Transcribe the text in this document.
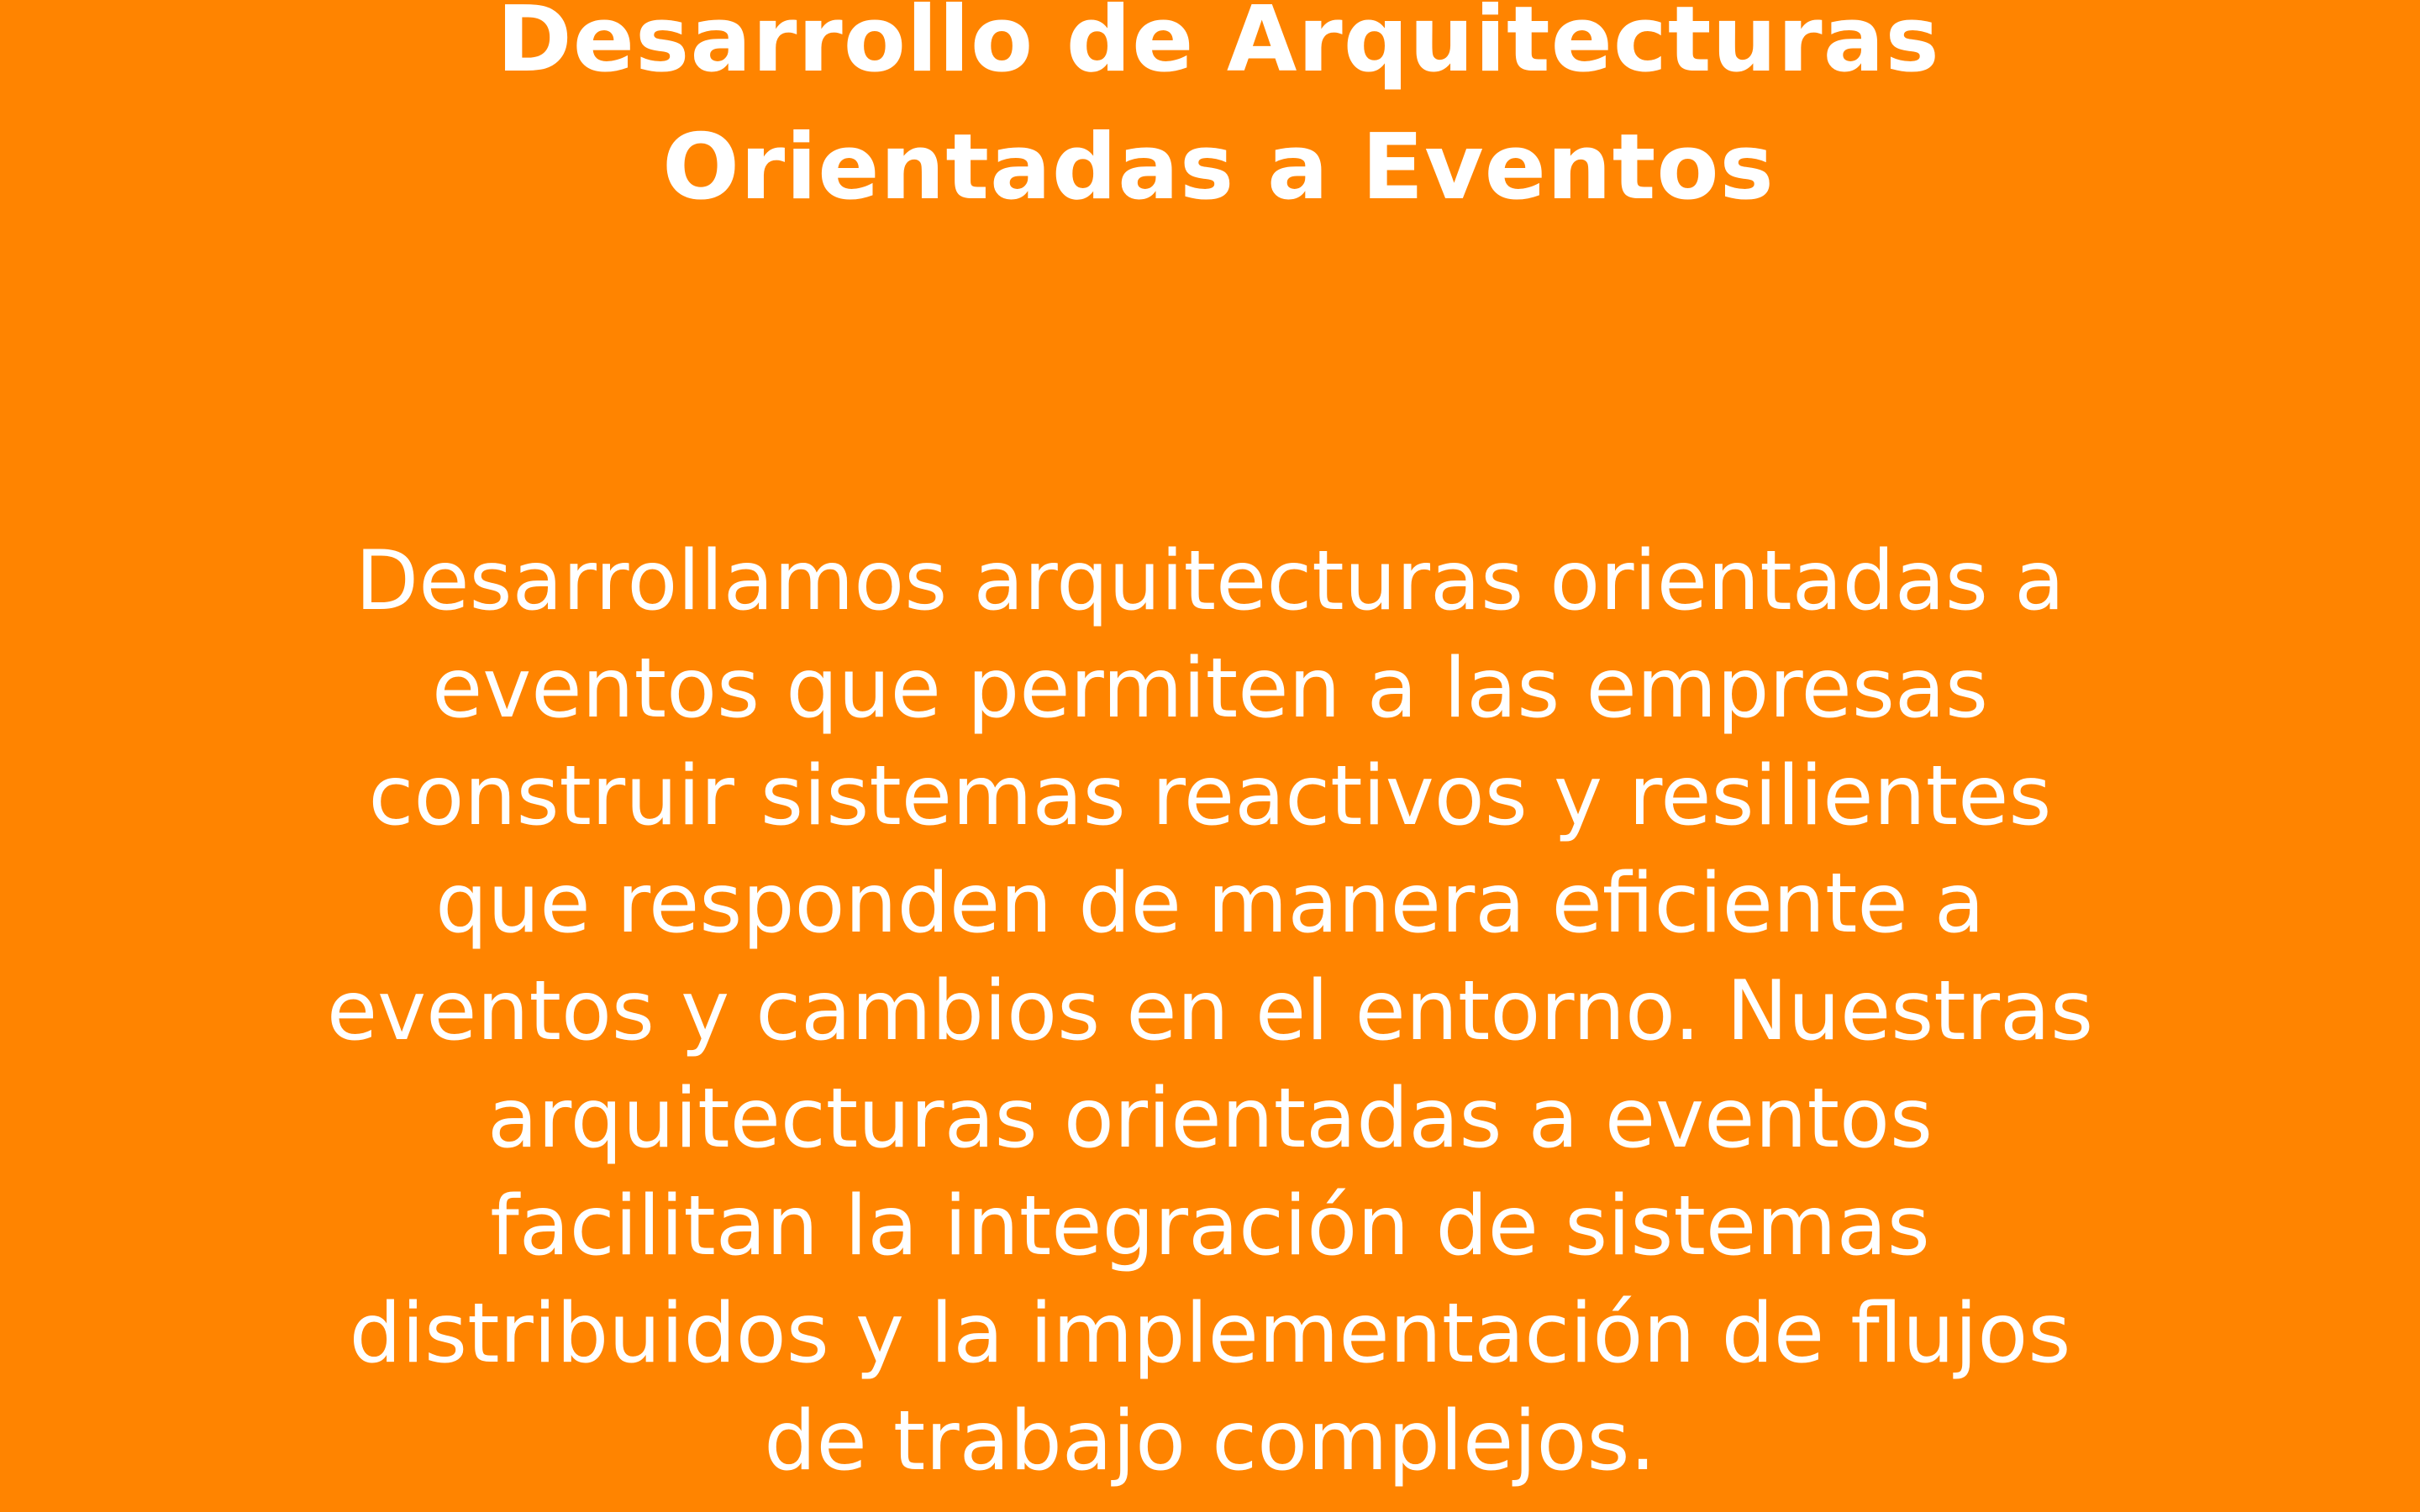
Desarrollo de Arquitecturas
Orientadas a Eventos

Desarrollamos arquitecturas orientadas a
eventos que permiten a las empresas
construir sistemas reactivos y resilientes
que responden de manera eficiente a
eventos y cambios en el entorno. Nuestras
arquitecturas orientadas a eventos
facilitan la integración de sistemas
distribuidos y la implementación de flujos
de trabajo complejos.
